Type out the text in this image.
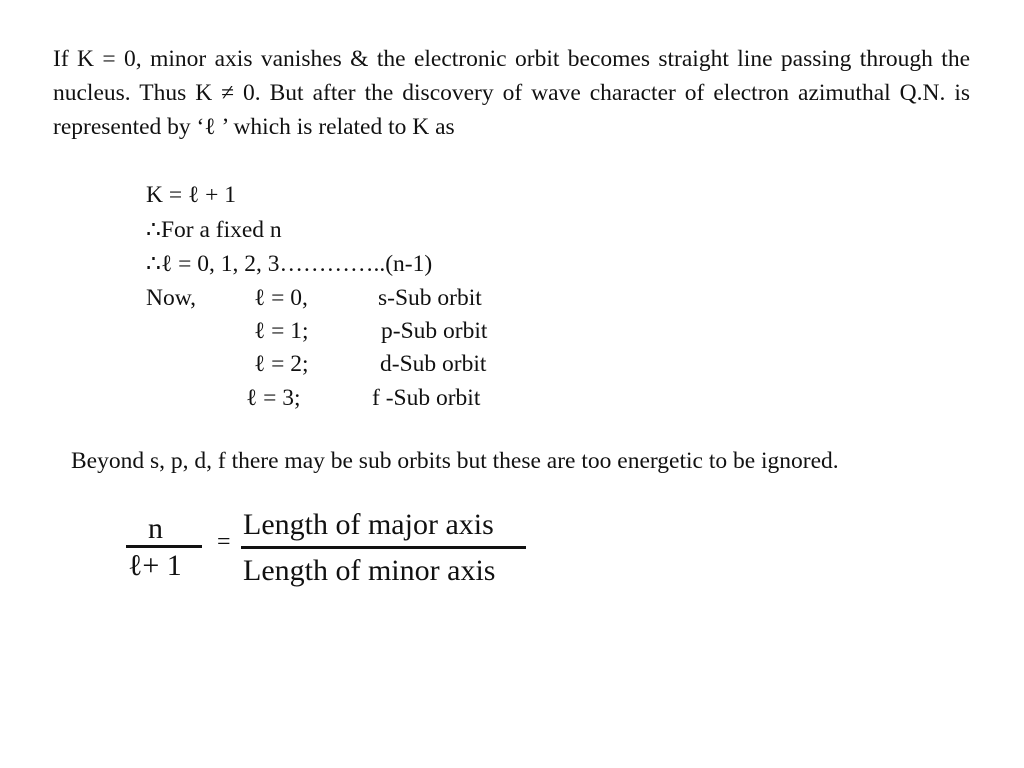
If K = 0, minor axis vanishes & the electronic orbit becomes straight line passing through the nucleus. Thus K ≠ 0. But after the discovery of wave character of electron azimuthal Q.N. is represented by ‘ℓ ’ which is related to K as
K = ℓ + 1
∴For a fixed n
∴ℓ = 0, 1, 2, 3…………..(n-1)
Now, ℓ = 0,	s-Sub orbit
ℓ = 1;	p-Sub orbit
ℓ = 2;	d-Sub orbit
ℓ = 3;	f -Sub orbit
Beyond s, p, d, f there may be sub orbits but these are too energetic to be ignored.
n
ℓ+ 1
=
Length of major axis
Length of minor axis
